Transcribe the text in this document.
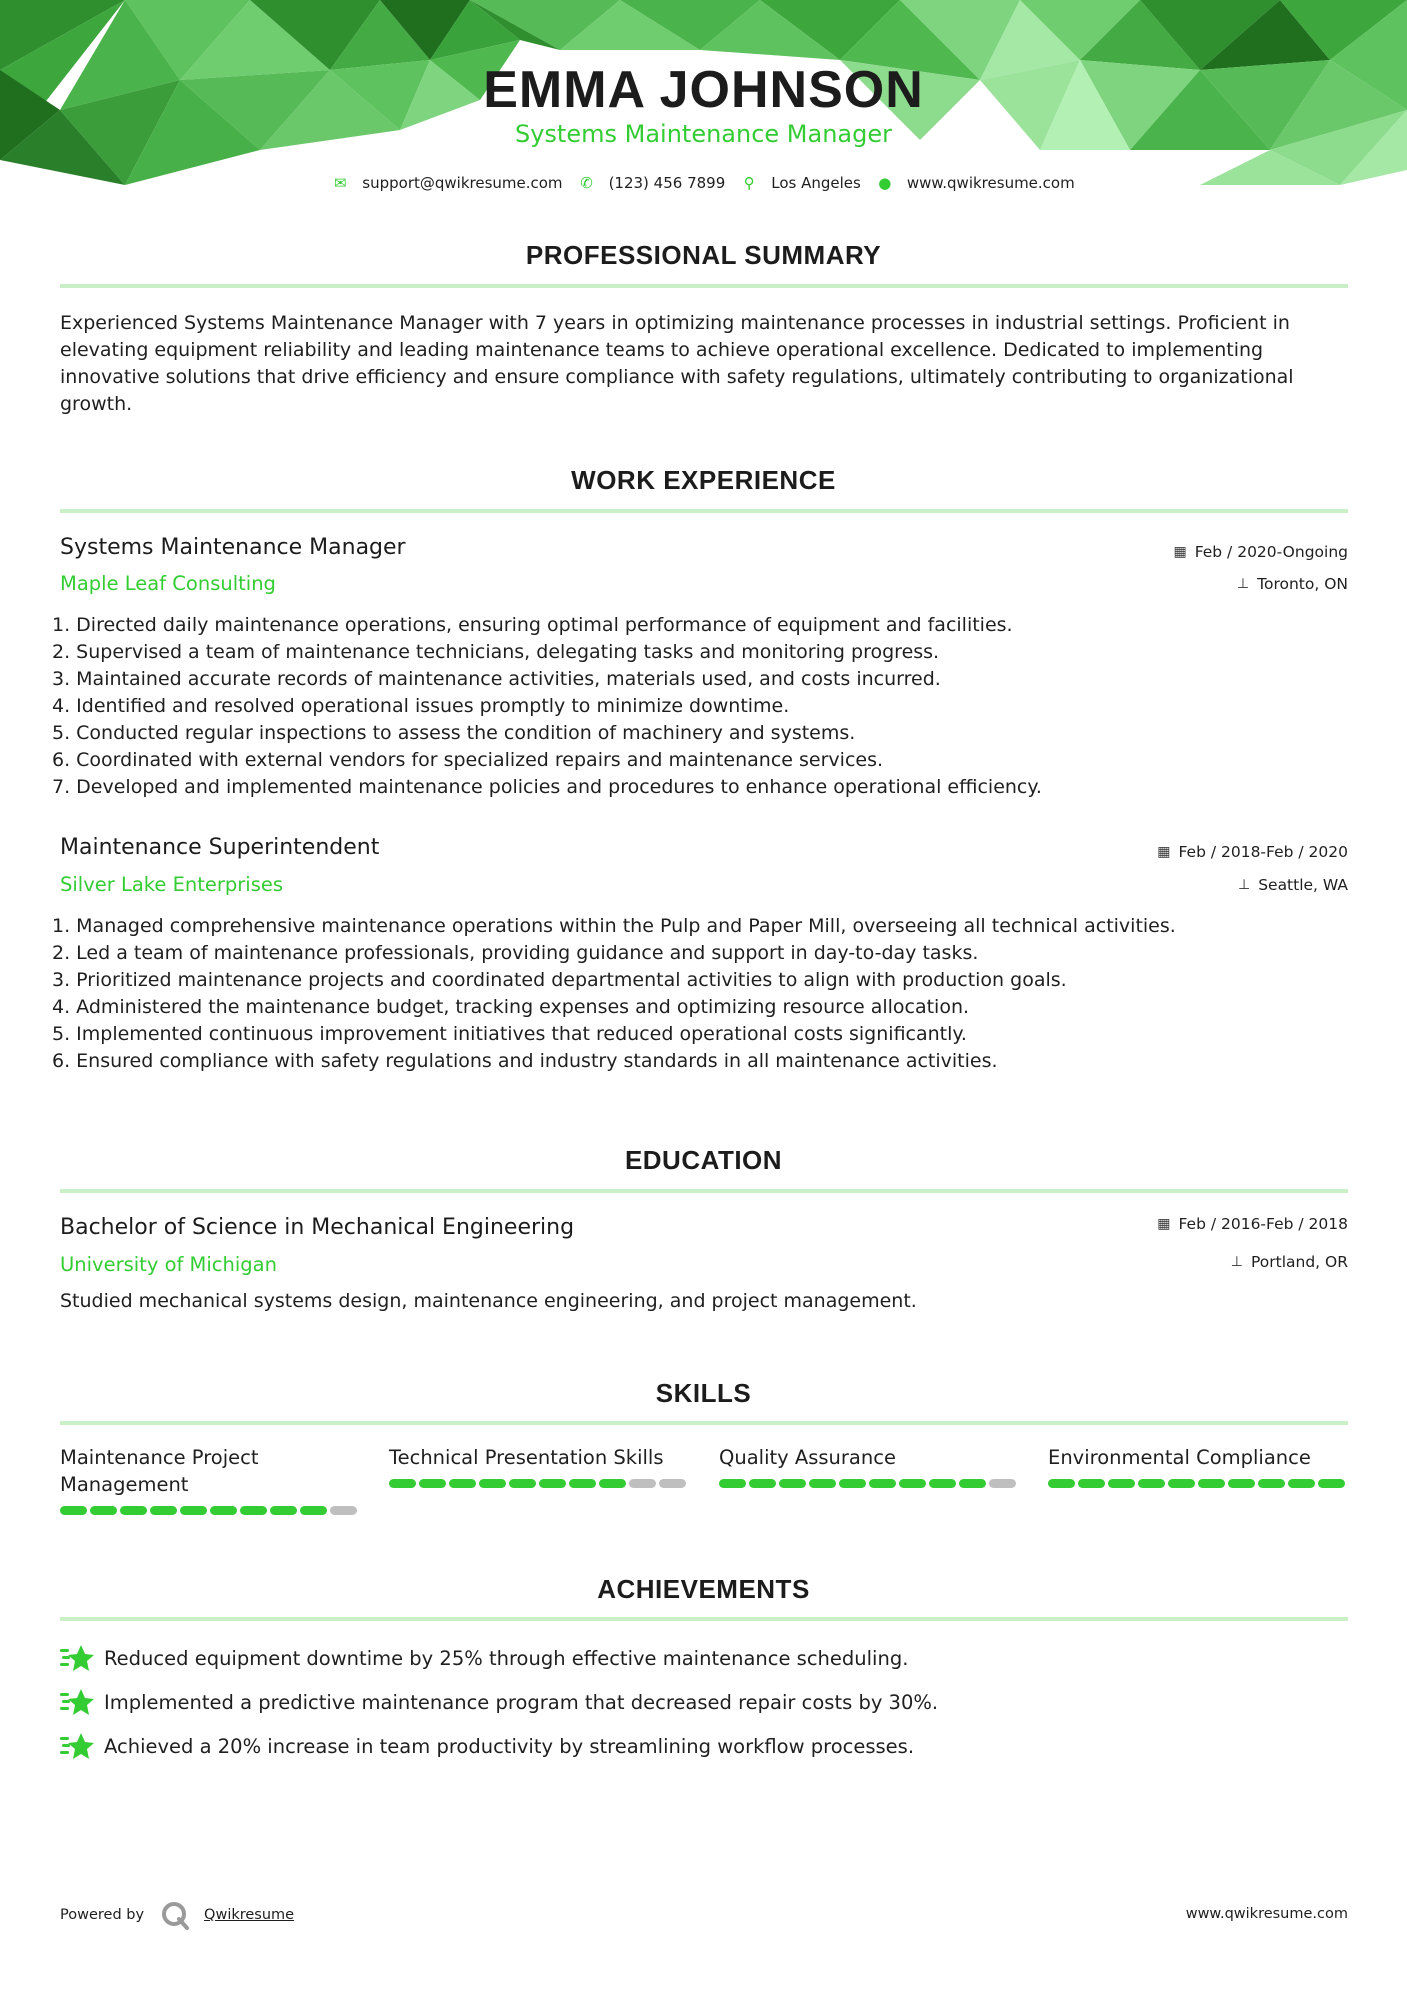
EMMA JOHNSON
Systems Maintenance Manager
✉ support@qwikresume.com ✆ (123) 456 7899 ⚲ Los Angeles ● www.qwikresume.com
PROFESSIONAL SUMMARY
Experienced Systems Maintenance Manager with 7 years in optimizing maintenance processes in industrial settings. Proficient in elevating equipment reliability and leading maintenance teams to achieve operational excellence. Dedicated to implementing innovative solutions that drive efficiency and ensure compliance with safety regulations, ultimately contributing to organizational growth.
WORK EXPERIENCE
Systems Maintenance Manager
Maple Leaf Consulting
▦ Feb / 2020-Ongoing
⊥ Toronto, ON
1. Directed daily maintenance operations, ensuring optimal performance of equipment and facilities.
2. Supervised a team of maintenance technicians, delegating tasks and monitoring progress.
3. Maintained accurate records of maintenance activities, materials used, and costs incurred.
4. Identified and resolved operational issues promptly to minimize downtime.
5. Conducted regular inspections to assess the condition of machinery and systems.
6. Coordinated with external vendors for specialized repairs and maintenance services.
7. Developed and implemented maintenance policies and procedures to enhance operational efficiency.
Maintenance Superintendent
Silver Lake Enterprises
▦ Feb / 2018-Feb / 2020
⊥ Seattle, WA
1. Managed comprehensive maintenance operations within the Pulp and Paper Mill, overseeing all technical activities.
2. Led a team of maintenance professionals, providing guidance and support in day-to-day tasks.
3. Prioritized maintenance projects and coordinated departmental activities to align with production goals.
4. Administered the maintenance budget, tracking expenses and optimizing resource allocation.
5. Implemented continuous improvement initiatives that reduced operational costs significantly.
6. Ensured compliance with safety regulations and industry standards in all maintenance activities.
EDUCATION
Bachelor of Science in Mechanical Engineering
University of Michigan
▦ Feb / 2016-Feb / 2018
⊥ Portland, OR
Studied mechanical systems design, maintenance engineering, and project management.
SKILLS
Maintenance Project Management
Technical Presentation Skills	Quality Assurance	Environmental Compliance
ACHIEVEMENTS
Reduced equipment downtime by 25% through effective maintenance scheduling.
Implemented a predictive maintenance program that decreased repair costs by 30%.
Achieved a 20% increase in team productivity by streamlining workflow processes.
Powered by	Qwikresume	www.qwikresume.com
